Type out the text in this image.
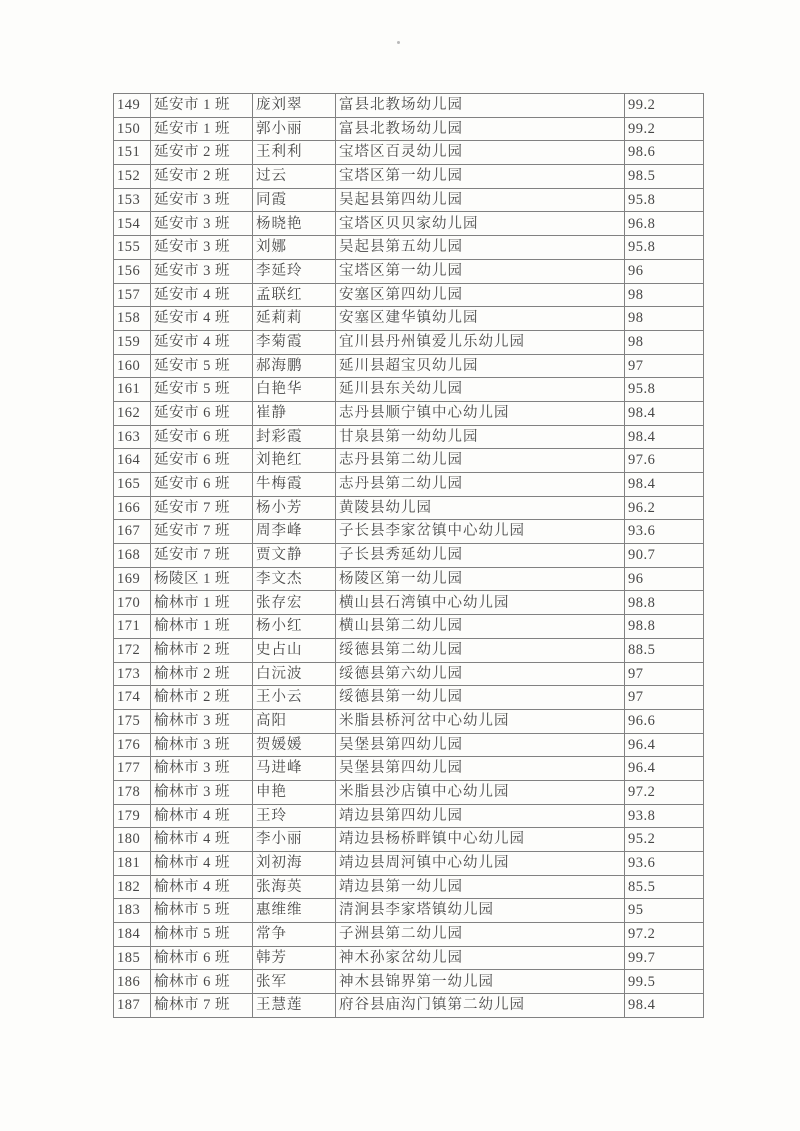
149	延安市 1 班	庞刘翠	富县北教场幼儿园	99.2
150	延安市 1 班	郭小丽	富县北教场幼儿园	99.2
151	延安市 2 班	王利利	宝塔区百灵幼儿园	98.6
152	延安市 2 班	过云	宝塔区第一幼儿园	98.5
153	延安市 3 班	同霞	吴起县第四幼儿园	95.8
154	延安市 3 班	杨晓艳	宝塔区贝贝家幼儿园	96.8
155	延安市 3 班	刘娜	吴起县第五幼儿园	95.8
156	延安市 3 班	李延玲	宝塔区第一幼儿园	96
157	延安市 4 班	孟联红	安塞区第四幼儿园	98
158	延安市 4 班	延莉莉	安塞区建华镇幼儿园	98
159	延安市 4 班	李菊霞	宜川县丹州镇爱儿乐幼儿园	98
160	延安市 5 班	郝海鹏	延川县超宝贝幼儿园	97
161	延安市 5 班	白艳华	延川县东关幼儿园	95.8
162	延安市 6 班	崔静	志丹县顺宁镇中心幼儿园	98.4
163	延安市 6 班	封彩霞	甘泉县第一幼幼儿园	98.4
164	延安市 6 班	刘艳红	志丹县第二幼儿园	97.6
165	延安市 6 班	牛梅霞	志丹县第二幼儿园	98.4
166	延安市 7 班	杨小芳	黄陵县幼儿园	96.2
167	延安市 7 班	周李峰	子长县李家岔镇中心幼儿园	93.6
168	延安市 7 班	贾文静	子长县秀延幼儿园	90.7
169	杨陵区 1 班	李文杰	杨陵区第一幼儿园	96
170	榆林市 1 班	张存宏	横山县石湾镇中心幼儿园	98.8
171	榆林市 1 班	杨小红	横山县第二幼儿园	98.8
172	榆林市 2 班	史占山	绥德县第二幼儿园	88.5
173	榆林市 2 班	白沅波	绥德县第六幼儿园	97
174	榆林市 2 班	王小云	绥德县第一幼儿园	97
175	榆林市 3 班	高阳	米脂县桥河岔中心幼儿园	96.6
176	榆林市 3 班	贺媛媛	吴堡县第四幼儿园	96.4
177	榆林市 3 班	马进峰	吴堡县第四幼儿园	96.4
178	榆林市 3 班	申艳	米脂县沙店镇中心幼儿园	97.2
179	榆林市 4 班	王玲	靖边县第四幼儿园	93.8
180	榆林市 4 班	李小丽	靖边县杨桥畔镇中心幼儿园	95.2
181	榆林市 4 班	刘初海	靖边县周河镇中心幼儿园	93.6
182	榆林市 4 班	张海英	靖边县第一幼儿园	85.5
183	榆林市 5 班	惠维维	清涧县李家塔镇幼儿园	95
184	榆林市 5 班	常争	子洲县第二幼儿园	97.2
185	榆林市 6 班	韩芳	神木孙家岔幼儿园	99.7
186	榆林市 6 班	张军	神木县锦界第一幼儿园	99.5
187	榆林市 7 班	王慧莲	府谷县庙沟门镇第二幼儿园	98.4
